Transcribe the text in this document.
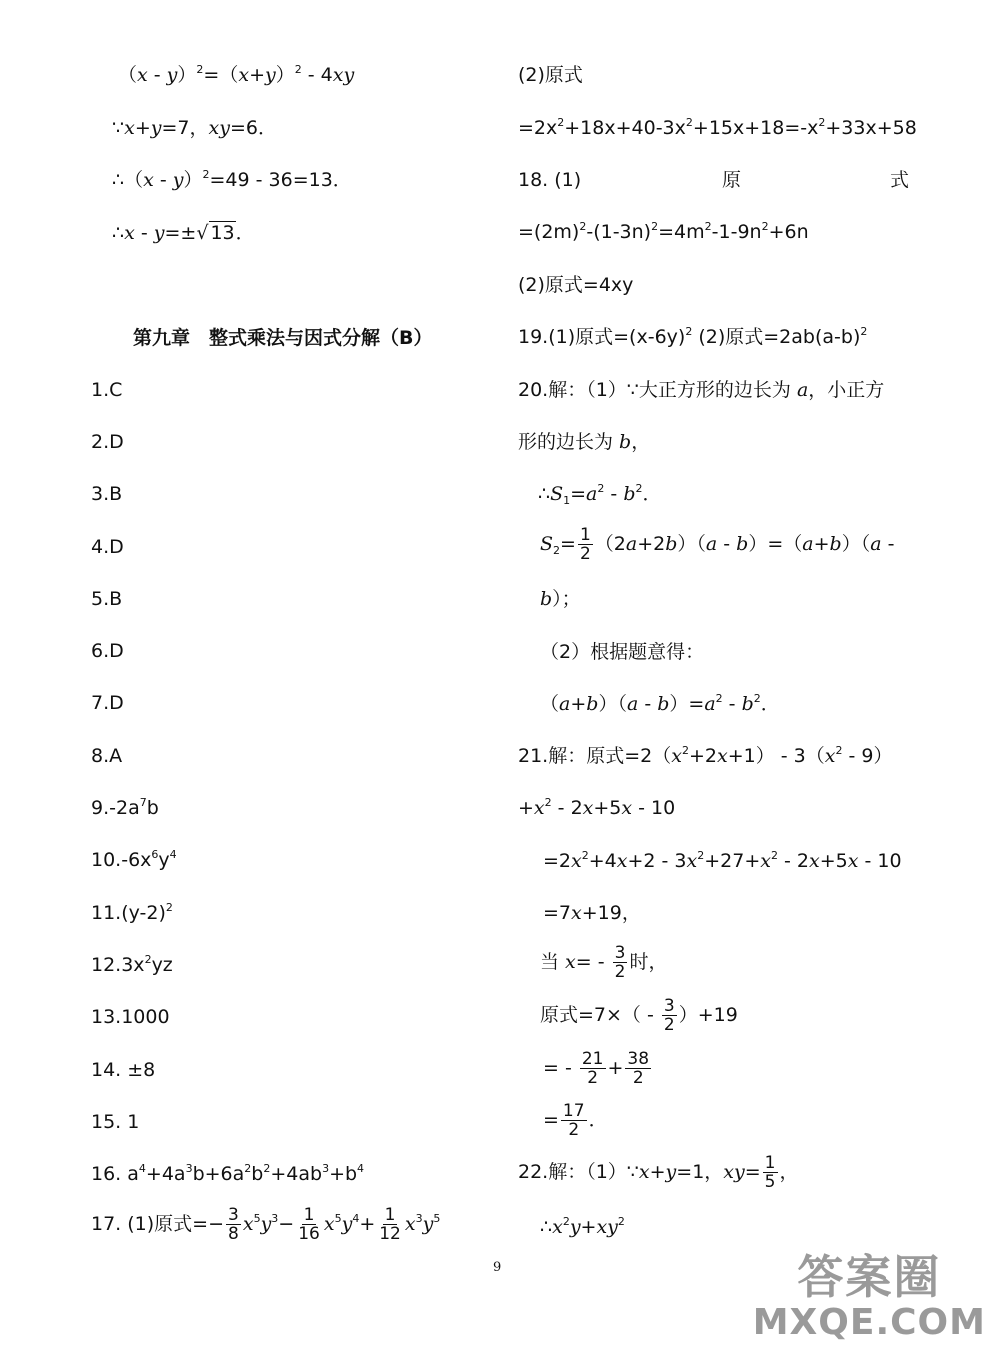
$(x - y)^2=(x+y)^2 - 4xy$
∵x+y=7，xy=6．
∴（x - y）$^2$=49 - 36=13．
∴x - y=±√ 13．
第九章　整式乘法与因式分解（B）
1.C
2.D
3.B
4.D
5.B
6.D
7.D
8.A
$9.-2a^7b$
$10.-6x^6y^4$
$11.(y-2)^2$
$12.3x^2yz$
13.1000
14. ±8
15. 1
16. $a^4+4a^3b+6a^2b^2+4ab^3+b^4$
17. (1)原式=− $\frac{3}{8} x^5y^3- \frac{1}{16} x^5y^4+ \frac{1}{12} x^3y^5$
(2)原式
$=2x^2+18x+40-3x^2+15x+18=-x^2+33x+58$
18. (1)	原	式
$=(2m)^2-(1-3n)^2=4m^2-1-9n^2+6n$
(2)原式=4xy
19.(1)原式$=(x-6y)^2$ (2)原式$=2ab(a-b)^2$
20.解：（1）∵大正方形的边长为 a，小正方
形的边长为 b，
$\therefore S_1=a^2 - b^2$．
$S_2= \frac{1}{2} (2a+2b)(a - b)=(a+b)(a$ -
b）；
（2）根据题意得：
$(a+b)(a - b)=a^2 - b^2$．
21.解：原式$=2(x^2+2x+1) - 3(x^2 - 9)$
$+x^2 - 2x+5x - 10$
$=2x^2+4x+2 - 3x^2+27+x^2 - 2x+5x - 10$
=7x+19，
当 $x= - \frac{3}{2}$ 时，
原式$=7\times( - \frac{3}{2} )+19$
= - $\frac{21}{2} + \frac{38}{2}$
= $\frac{17}{2}$ ．
22.解：（1）∵x+y=1，$xy= \frac{1}{5}$ ，
$\therefore x^2y+xy^2$
9	答案圈
MXQE.COM
